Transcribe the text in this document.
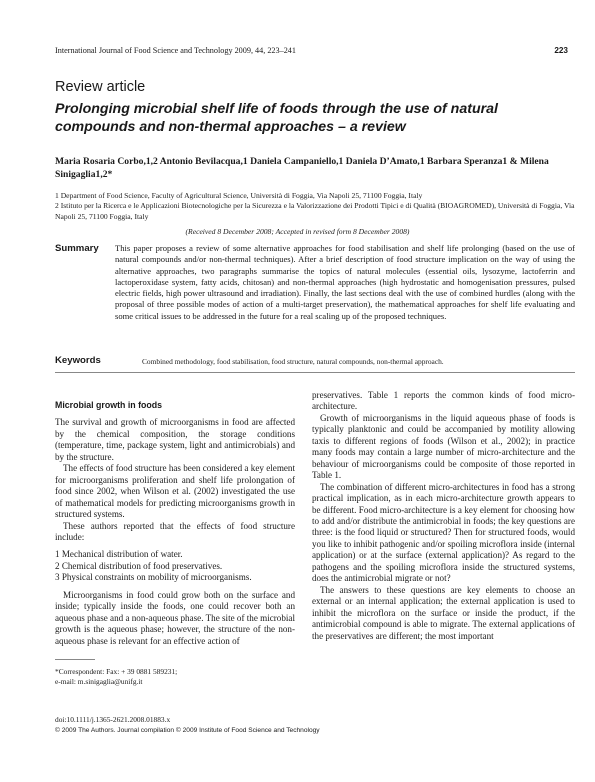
International Journal of Food Science and Technology 2009, 44, 223–241	223
Review article
Prolonging microbial shelf life of foods through the use of natural compounds and non-thermal approaches – a review
Maria Rosaria Corbo,1,2 Antonio Bevilacqua,1 Daniela Campaniello,1 Daniela D’Amato,1 Barbara Speranza1 & Milena Sinigaglia1,2*
1 Department of Food Science, Faculty of Agricultural Science, Università di Foggia, Via Napoli 25, 71100 Foggia, Italy
2 Istituto per la Ricerca e le Applicazioni Biotecnologiche per la Sicurezza e la Valorizzazione dei Prodotti Tipici e di Qualità (BIOAGROMED), Università di Foggia, Via Napoli 25, 71100 Foggia, Italy
(Received 8 December 2008; Accepted in revised form 8 December 2008)
Summary This paper proposes a review of some alternative approaches for food stabilisation and shelf life prolonging (based on the use of natural compounds and/or non-thermal techniques). After a brief description of food structure implication on the way of using the alternative approaches, two paragraphs summarise the topics of natural molecules (essential oils, lysozyme, lactoferrin and lactoperoxidase system, fatty acids, chitosan) and non-thermal approaches (high hydrostatic and homogenisation pressures, pulsed electric fields, high power ultrasound and irradiation). Finally, the last sections deal with the use of combined hurdles (along with the proposal of three possible modes of action of a multi-target preservation), the mathematical approaches for shelf life evaluating and some critical issues to be addressed in the future for a real scaling up of the proposed techniques.
Keywords	Combined methodology, food stabilisation, food structure, natural compounds, non-thermal approach.
Microbial growth in foods

The survival and growth of microorganisms in food are affected by the chemical composition, the storage conditions (temperature, time, package system, light and antimicrobials) and by the structure.

The effects of food structure has been considered a key element for microorganisms proliferation and shelf life prolongation of food since 2002, when Wilson et al. (2002) investigated the use of mathematical models for predicting microorganisms growth in structured systems.

These authors reported that the effects of food structure include:

1 Mechanical distribution of water.
2 Chemical distribution of food preservatives.
3 Physical constraints on mobility of microorganisms.

Microorganisms in food could grow both on the surface and inside; typically inside the foods, one could recover both an aqueous phase and a non-aqueous phase. The site of the microbial growth is the aqueous phase; however, the structure of the non-aqueous phase is relevant for an effective action of

preservatives. Table 1 reports the common kinds of food micro-architecture.

Growth of microorganisms in the liquid aqueous phase of foods is typically planktonic and could be accompanied by motility allowing taxis to different regions of foods (Wilson et al., 2002); in practice many foods may contain a large number of micro-architecture and the behaviour of microorganisms could be composite of those reported in Table 1.

The combination of different micro-architectures in food has a strong practical implication, as in each micro-architecture growth appears to be different. Food micro-architecture is a key element for choosing how to add and/or distribute the antimicrobial in foods; the key questions are three: is the food liquid or structured? Then for structured foods, would you like to inhibit pathogenic and/or spoiling microflora inside (internal application) or at the surface (external application)? As regard to the pathogens and the spoiling microflora inside the structured systems, does the antimicrobial migrate or not?

The answers to these questions are key elements to choose an external or an internal application; the external application is used to inhibit the microflora on the surface or inside the product, if the antimicrobial compound is able to migrate. The external applications of the preservatives are different; the most important

*Correspondent: Fax: + 39 0881 589231;
e-mail: m.sinigaglia@unifg.it
doi:10.1111/j.1365-2621.2008.01883.x
© 2009 The Authors. Journal compilation © 2009 Institute of Food Science and Technology
